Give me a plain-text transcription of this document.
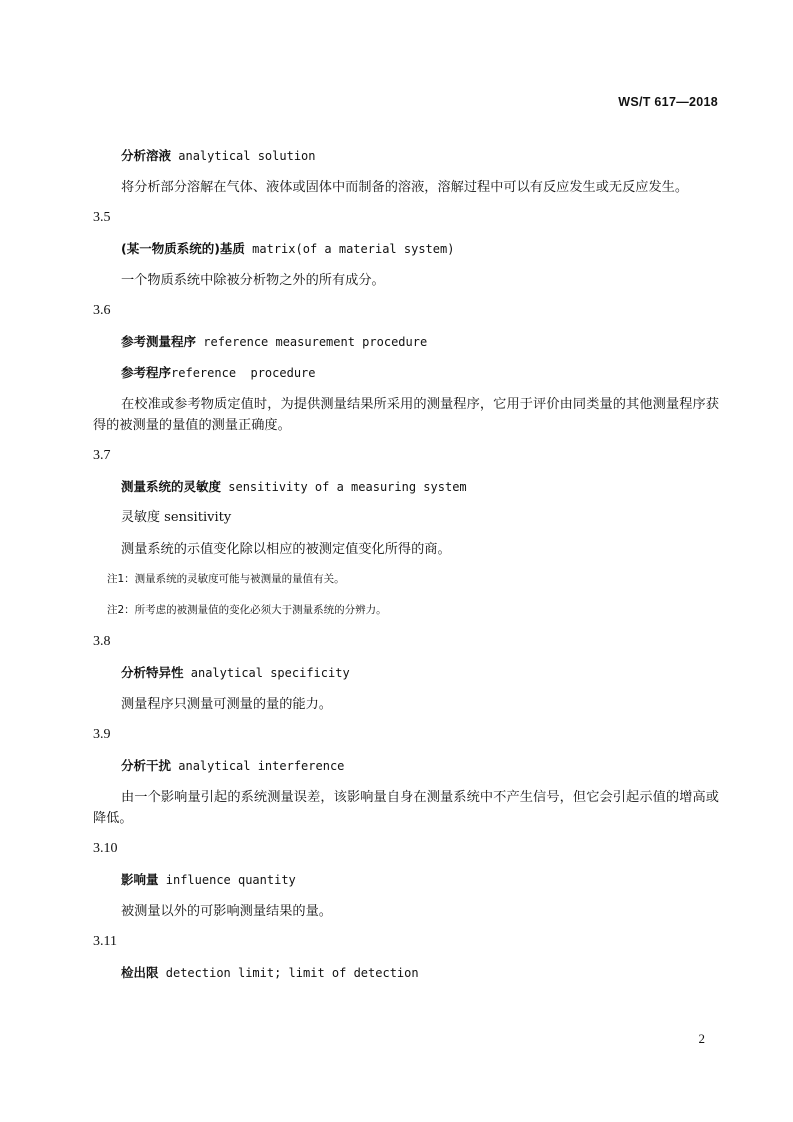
WS/T 617—2018
分析溶液 analytical solution
将分析部分溶解在气体、液体或固体中而制备的溶液，溶解过程中可以有反应发生或无反应发生。
3.5
(某一物质系统的)基质 matrix(of a material system)
一个物质系统中除被分析物之外的所有成分。
3.6
参考测量程序 reference measurement procedure
参考程序reference  procedure
在校准或参考物质定值时，为提供测量结果所采用的测量程序，它用于评价由同类量的其他测量程序获得的被测量的量值的测量正确度。
3.7
测量系统的灵敏度 sensitivity of a measuring system
灵敏度 sensitivity
测量系统的示值变化除以相应的被测定值变化所得的商。
注1：测量系统的灵敏度可能与被测量的量值有关。
注2：所考虑的被测量值的变化必须大于测量系统的分辨力。
3.8
分析特异性 analytical specificity
测量程序只测量可测量的量的能力。
3.9
分析干扰 analytical interference
由一个影响量引起的系统测量误差，该影响量自身在测量系统中不产生信号，但它会引起示值的增高或降低。
3.10
影响量 influence quantity
被测量以外的可影响测量结果的量。
3.11
检出限 detection limit; limit of detection
2
